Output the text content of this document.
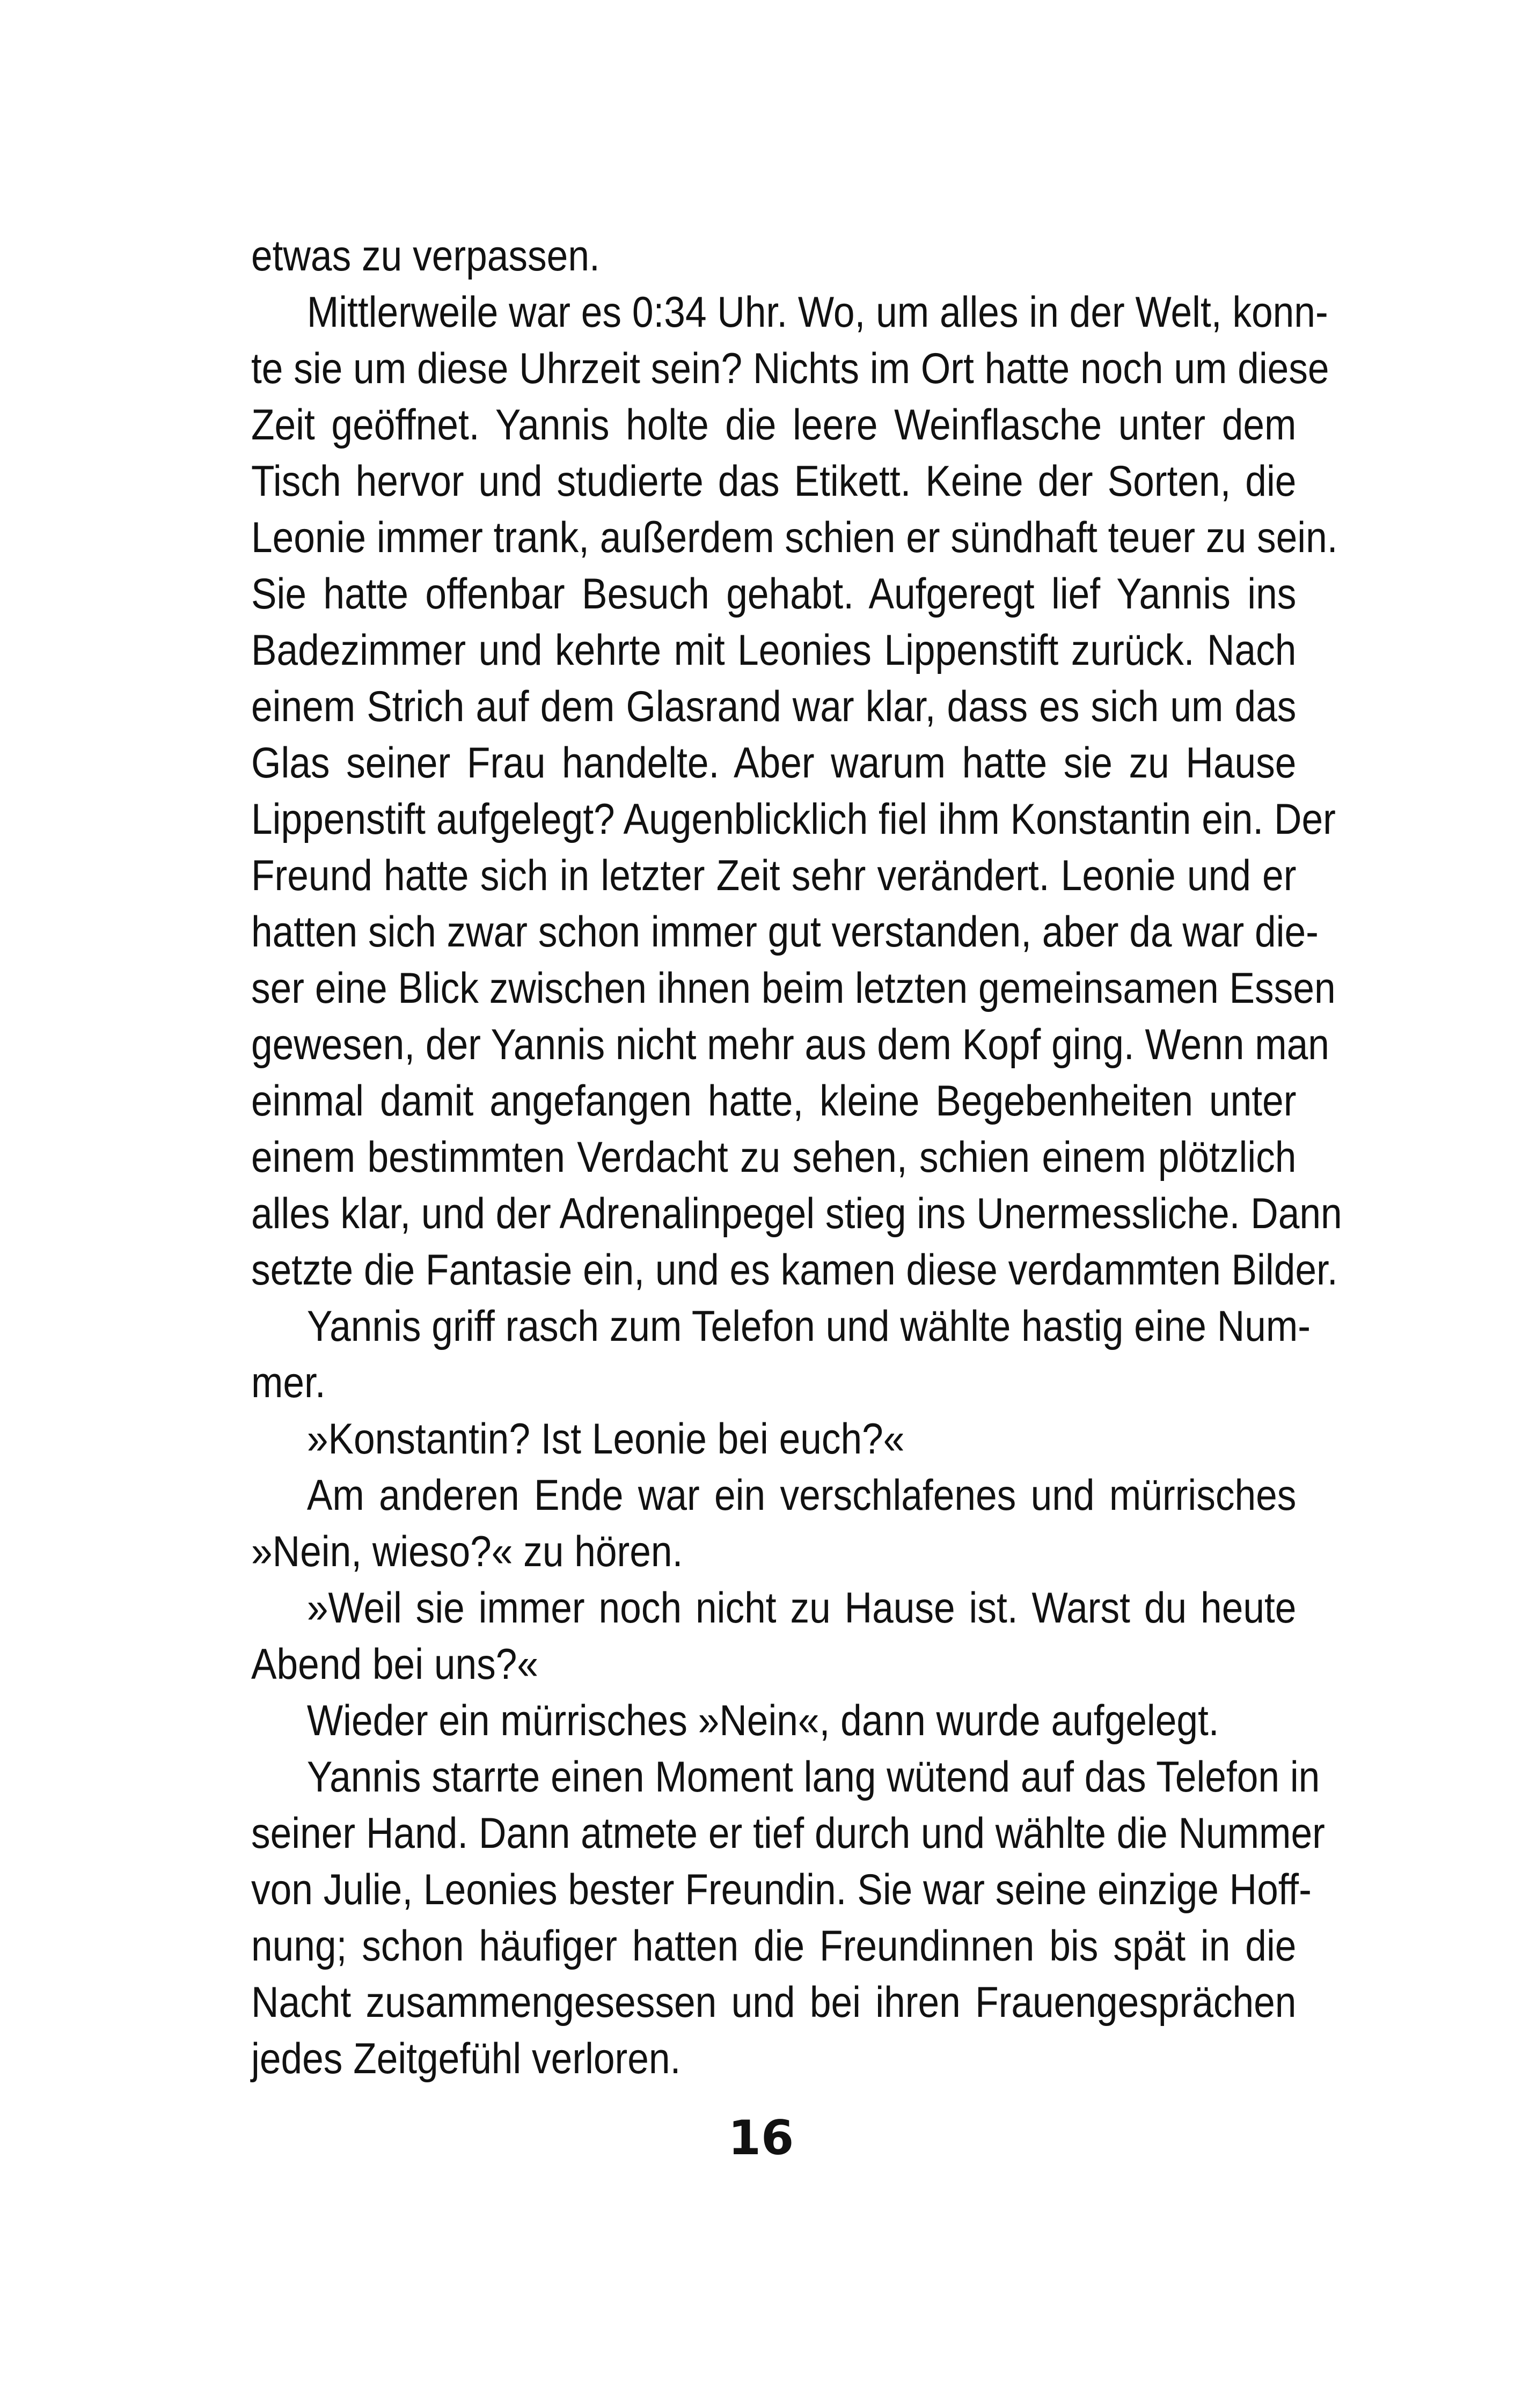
etwas zu verpassen.
Mittlerweile war es 0:34 Uhr. Wo, um alles in der Welt, konn-
te sie um diese Uhrzeit sein? Nichts im Ort hatte noch um diese
Zeit geöffnet. Yannis holte die leere Weinflasche unter dem
Tisch hervor und studierte das Etikett. Keine der Sorten, die
Leonie immer trank, außerdem schien er sündhaft teuer zu sein.
Sie hatte offenbar Besuch gehabt. Aufgeregt lief Yannis ins
Badezimmer und kehrte mit Leonies Lippenstift zurück. Nach
einem Strich auf dem Glasrand war klar, dass es sich um das
Glas seiner Frau handelte. Aber warum hatte sie zu Hause
Lippenstift aufgelegt? Augenblicklich fiel ihm Konstantin ein. Der
Freund hatte sich in letzter Zeit sehr verändert. Leonie und er
hatten sich zwar schon immer gut verstanden, aber da war die-
ser eine Blick zwischen ihnen beim letzten gemeinsamen Essen
gewesen, der Yannis nicht mehr aus dem Kopf ging. Wenn man
einmal damit angefangen hatte, kleine Begebenheiten unter
einem bestimmten Verdacht zu sehen, schien einem plötzlich
alles klar, und der Adrenalinpegel stieg ins Unermessliche. Dann
setzte die Fantasie ein, und es kamen diese verdammten Bilder.
Yannis griff rasch zum Telefon und wählte hastig eine Num-
mer.
»Konstantin? Ist Leonie bei euch?«
Am anderen Ende war ein verschlafenes und mürrisches
»Nein, wieso?« zu hören.
»Weil sie immer noch nicht zu Hause ist. Warst du heute
Abend bei uns?«
Wieder ein mürrisches »Nein«, dann wurde aufgelegt.
Yannis starrte einen Moment lang wütend auf das Telefon in
seiner Hand. Dann atmete er tief durch und wählte die Nummer
von Julie, Leonies bester Freundin. Sie war seine einzige Hoff-
nung; schon häufiger hatten die Freundinnen bis spät in die
Nacht zusammengesessen und bei ihren Frauengesprächen
jedes Zeitgefühl verloren.
16
